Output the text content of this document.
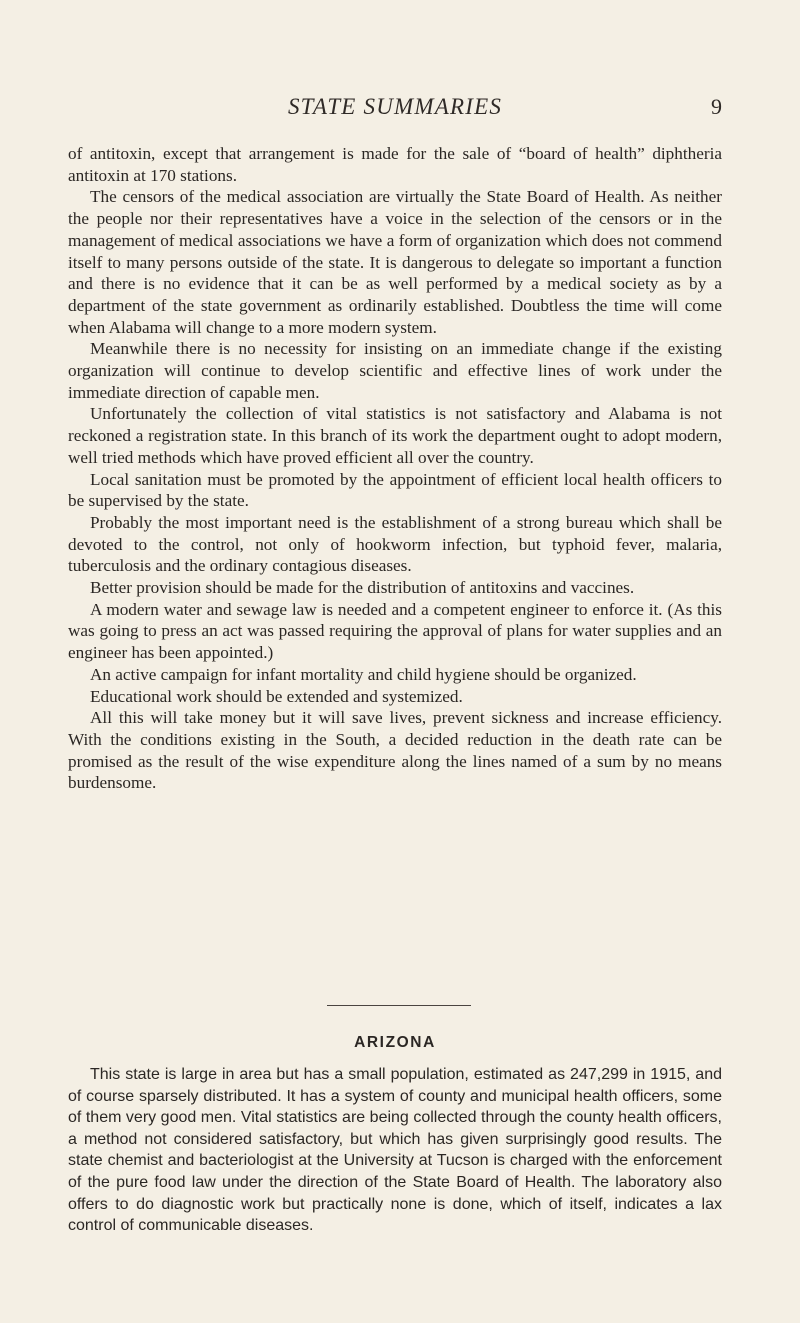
STATE SUMMARIES	9

of antitoxin, except that arrangement is made for the sale of “board of health” diphtheria antitoxin at 170 stations.

The censors of the medical association are virtually the State Board of Health. As neither the people nor their representatives have a voice in the selection of the censors or in the management of medical associations we have a form of organization which does not commend itself to many persons outside of the state. It is dangerous to delegate so important a function and there is no evidence that it can be as well performed by a medical society as by a department of the state government as ordinarily established. Doubtless the time will come when Alabama will change to a more modern system.

Meanwhile there is no necessity for insisting on an immediate change if the existing organization will continue to develop scientific and effective lines of work under the immediate direction of capable men.

Unfortunately the collection of vital statistics is not satisfactory and Alabama is not reckoned a registration state. In this branch of its work the department ought to adopt modern, well tried methods which have proved efficient all over the country.

Local sanitation must be promoted by the appointment of efficient local health officers to be supervised by the state.

Probably the most important need is the establishment of a strong bureau which shall be devoted to the control, not only of hookworm infection, but typhoid fever, malaria, tuberculosis and the ordinary contagious diseases.

Better provision should be made for the distribution of antitoxins and vaccines.

A modern water and sewage law is needed and a competent engineer to enforce it. (As this was going to press an act was passed requiring the approval of plans for water supplies and an engineer has been appointed.)

An active campaign for infant mortality and child hygiene should be organized.

Educational work should be extended and systemized.

All this will take money but it will save lives, prevent sickness and increase efficiency. With the conditions existing in the South, a decided reduction in the death rate can be promised as the result of the wise expenditure along the lines named of a sum by no means burdensome.

ARIZONA

This state is large in area but has a small population, estimated as 247,299 in 1915, and of course sparsely distributed. It has a system of county and municipal health officers, some of them very good men. Vital statistics are being collected through the county health officers, a method not considered satisfactory, but which has given surprisingly good results. The state chemist and bacteriologist at the University at Tucson is charged with the enforcement of the pure food law under the direction of the State Board of Health. The laboratory also offers to do diagnostic work but practically none is done, which of itself, indicates a lax control of communicable diseases.
